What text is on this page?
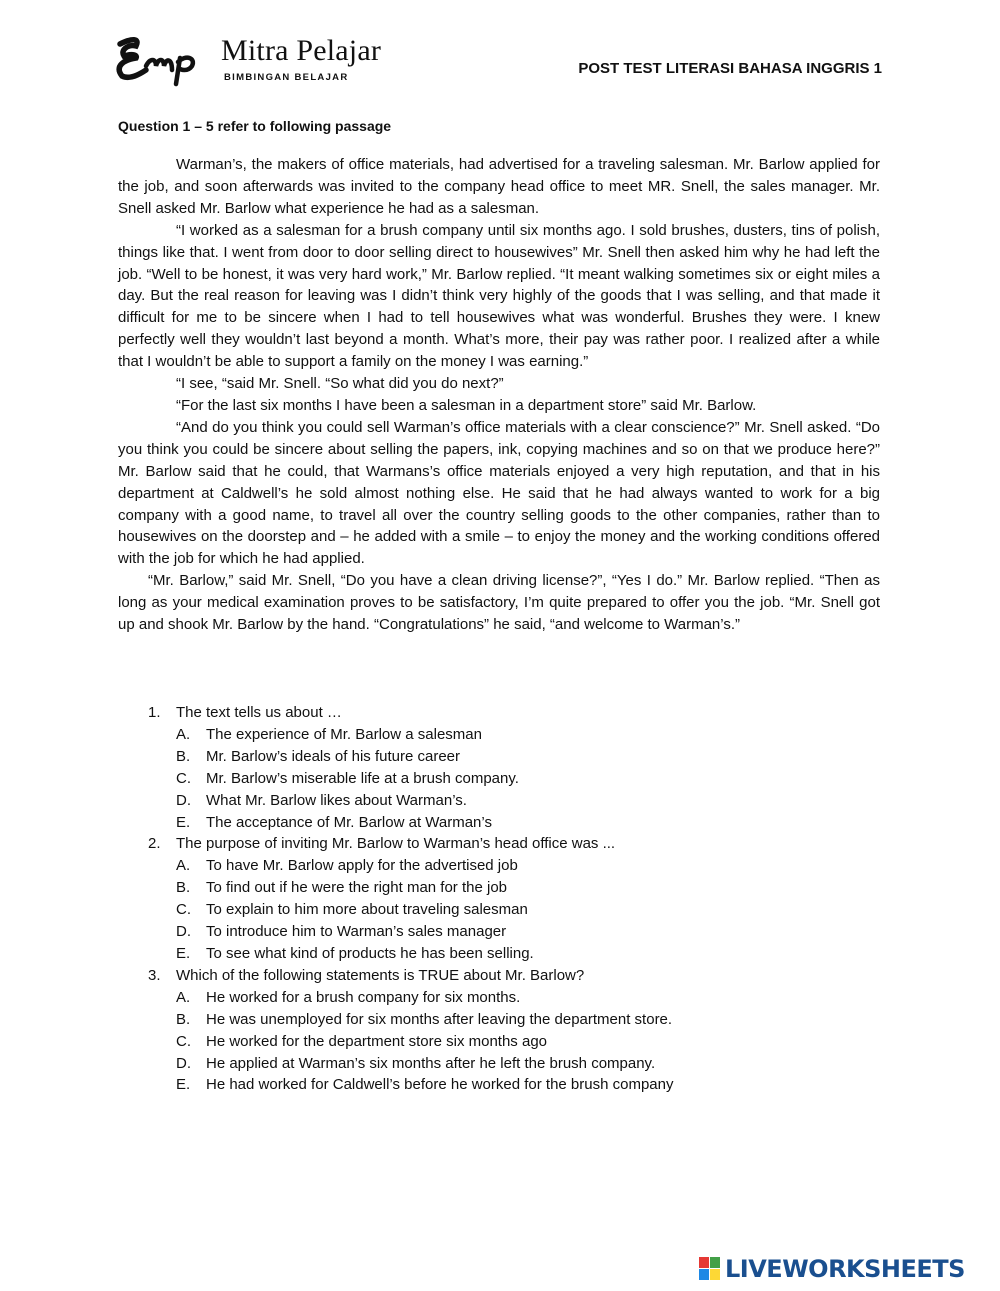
Mitra Pelajar
BIMBINGAN BELAJAR
POST TEST LITERASI BAHASA INGGRIS 1
Question 1 – 5 refer to following passage

Warman’s, the makers of office materials, had advertised for a traveling salesman. Mr. Barlow applied for the job, and soon afterwards was invited to the company head office to meet MR. Snell, the sales manager. Mr. Snell asked Mr. Barlow what experience he had as a salesman.

“I worked as a salesman for a brush company until six months ago. I sold brushes, dusters, tins of polish, things like that. I went from door to door selling direct to housewives” Mr. Snell then asked him why he had left the job. “Well to be honest, it was very hard work,” Mr. Barlow replied. “It meant walking sometimes six or eight miles a day. But the real reason for leaving was I didn’t think very highly of the goods that I was selling, and that made it difficult for me to be sincere when I had to tell housewives what was wonderful. Brushes they were. I knew perfectly well they wouldn’t last beyond a month. What’s more, their pay was rather poor. I realized after a while that I wouldn’t be able to support a family on the money I was earning.”

“I see, “said Mr. Snell. “So what did you do next?”

“For the last six months I have been a salesman in a department store” said Mr. Barlow.

“And do you think you could sell Warman’s office materials with a clear conscience?” Mr. Snell asked. “Do you think you could be sincere about selling the papers, ink, copying machines and so on that we produce here?” Mr. Barlow said that he could, that Warmans’s office materials enjoyed a very high reputation, and that in his department at Caldwell’s he sold almost nothing else. He said that he had always wanted to work for a big company with a good name, to travel all over the country selling goods to the other companies, rather than to housewives on the doorstep and – he added with a smile – to enjoy the money and the working conditions offered with the job for which he had applied.

“Mr. Barlow,” said Mr. Snell, “Do you have a clean driving license?”, “Yes I do.” Mr. Barlow replied. “Then as long as your medical examination proves to be satisfactory, I’m quite prepared to offer you the job. “Mr. Snell got up and shook Mr. Barlow by the hand. “Congratulations” he said, “and welcome to Warman’s.”

1.	The text tells us about …
A.	The experience of Mr. Barlow a salesman
B.	Mr. Barlow’s ideals of his future career
C.	Mr. Barlow’s miserable life at a brush company.
D.	What Mr. Barlow likes about Warman’s.
E.	The acceptance of Mr. Barlow at Warman’s
2.	The purpose of inviting Mr. Barlow to Warman’s head office was ...
A.	To have Mr. Barlow apply for the advertised job
B.	To find out if he were the right man for the job
C.	To explain to him more about traveling salesman
D.	To introduce him to Warman’s sales manager
E.	To see what kind of products he has been selling.
3.	Which of the following statements is TRUE about Mr. Barlow?
A.	He worked for a brush company for six months.
B.	He was unemployed for six months after leaving the department store.
C.	He worked for the department store six months ago
D.	He applied at Warman’s six months after he left the brush company.
E.	He had worked for Caldwell’s before he worked for the brush company
LIVEWORKSHEETS
